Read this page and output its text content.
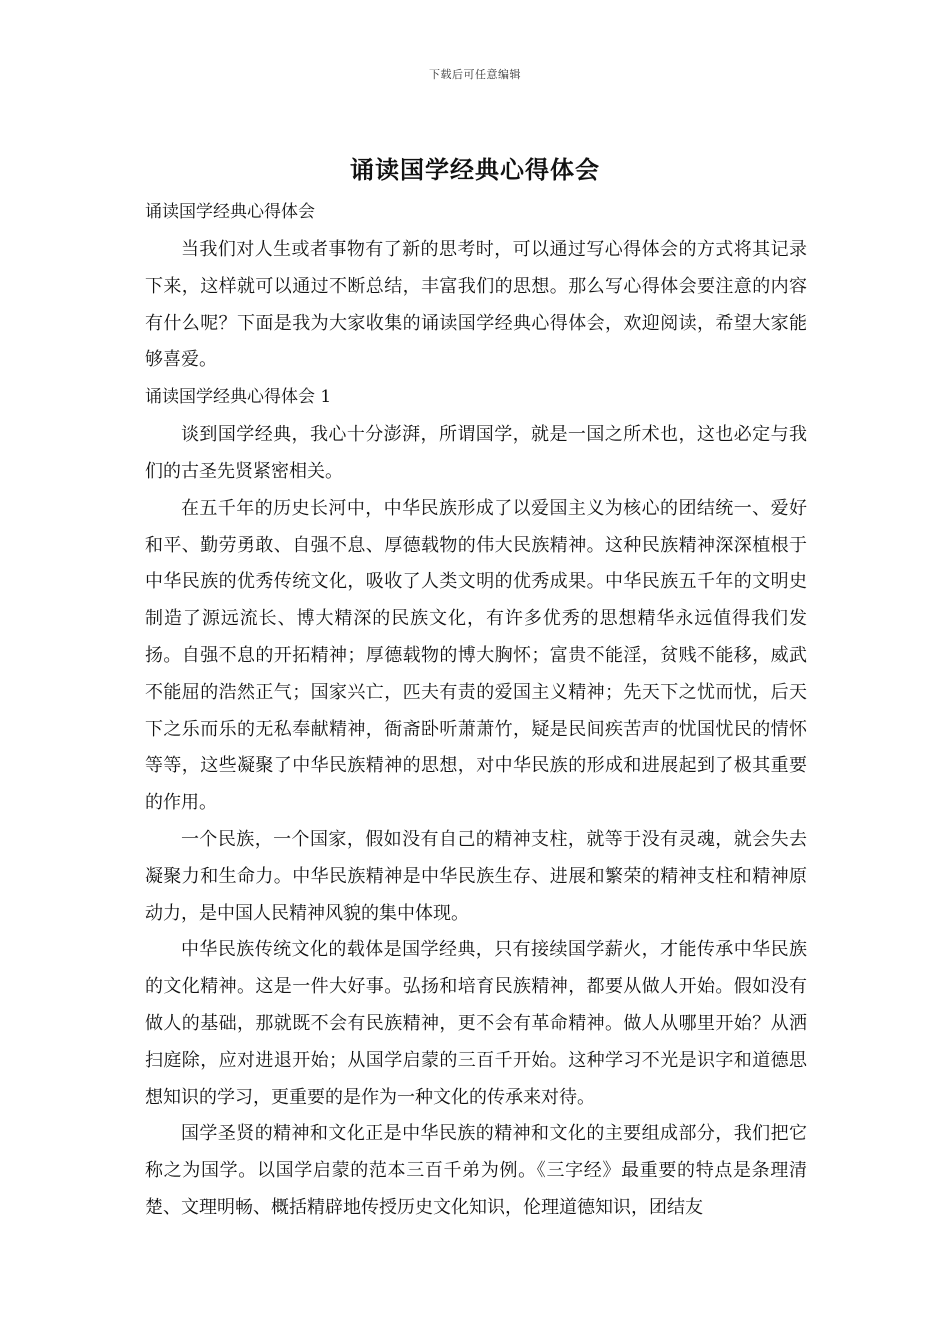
下载后可任意编辑
诵读国学经典心得体会

诵读国学经典心得体会

当我们对人生或者事物有了新的思考时，可以通过写心得体会的方式将其记录下来，这样就可以通过不断总结，丰富我们的思想。那么写心得体会要注意的内容有什么呢？下面是我为大家收集的诵读国学经典心得体会，欢迎阅读，希望大家能够喜爱。

诵读国学经典心得体会 1

谈到国学经典，我心十分澎湃，所谓国学，就是一国之所术也，这也必定与我们的古圣先贤紧密相关。

在五千年的历史长河中，中华民族形成了以爱国主义为核心的团结统一、爱好和平、勤劳勇敢、自强不息、厚德载物的伟大民族精神。这种民族精神深深植根于中华民族的优秀传统文化，吸收了人类文明的优秀成果。中华民族五千年的文明史制造了源远流长、博大精深的民族文化，有许多优秀的思想精华永远值得我们发扬。自强不息的开拓精神；厚德载物的博大胸怀；富贵不能淫，贫贱不能移，威武不能屈的浩然正气；国家兴亡，匹夫有责的爱国主义精神；先天下之忧而忧，后天下之乐而乐的无私奉献精神，衙斋卧听萧萧竹，疑是民间疾苦声的忧国忧民的情怀等等，这些凝聚了中华民族精神的思想，对中华民族的形成和进展起到了极其重要的作用。

一个民族，一个国家，假如没有自己的精神支柱，就等于没有灵魂，就会失去凝聚力和生命力。中华民族精神是中华民族生存、进展和繁荣的精神支柱和精神原动力，是中国人民精神风貌的集中体现。

中华民族传统文化的载体是国学经典，只有接续国学薪火，才能传承中华民族的文化精神。这是一件大好事。弘扬和培育民族精神，都要从做人开始。假如没有做人的基础，那就既不会有民族精神，更不会有革命精神。做人从哪里开始？从洒扫庭除，应对进退开始；从国学启蒙的三百千开始。这种学习不光是识字和道德思想知识的学习，更重要的是作为一种文化的传承来对待。

国学圣贤的精神和文化正是中华民族的精神和文化的主要组成部分，我们把它称之为国学。以国学启蒙的范本三百千弟为例。《三字经》最重要的特点是条理清楚、文理明畅、概括精辟地传授历史文化知识，伦理道德知识，团结友
